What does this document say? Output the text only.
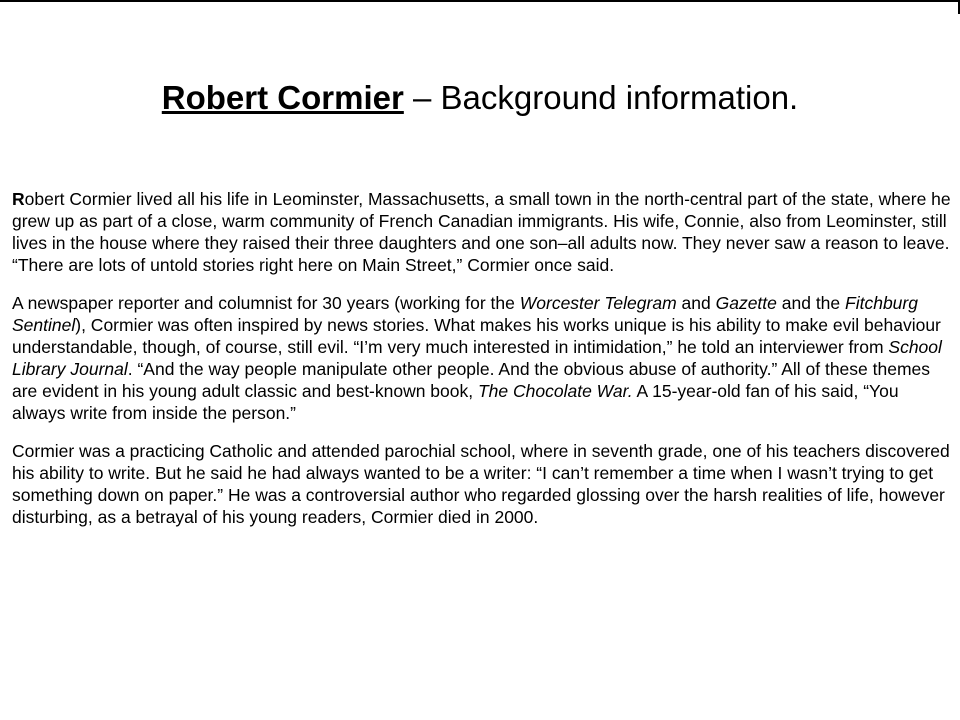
Robert Cormier – Background information.

Robert Cormier lived all his life in Leominster, Massachusetts, a small town in the north-central part of the state, where he grew up as part of a close, warm community of French Canadian immigrants. His wife, Connie, also from Leominster, still lives in the house where they raised their three daughters and one son–all adults now. They never saw a reason to leave. “There are lots of untold stories right here on Main Street,” Cormier once said.

A newspaper reporter and columnist for 30 years (working for the Worcester Telegram and Gazette and the Fitchburg Sentinel), Cormier was often inspired by news stories. What makes his works unique is his ability to make evil behaviour understandable, though, of course, still evil. “I’m very much interested in intimidation,” he told an interviewer from School Library Journal. “And the way people manipulate other people. And the obvious abuse of authority.” All of these themes are evident in his young adult classic and best-known book, The Chocolate War. A 15-year-old fan of his said, “You always write from inside the person.”

Cormier was a practicing Catholic and attended parochial school, where in seventh grade, one of his teachers discovered his ability to write. But he said he had always wanted to be a writer: “I can’t remember a time when I wasn’t trying to get something down on paper.” He was a controversial author who regarded glossing over the harsh realities of life, however disturbing, as a betrayal of his young readers, Cormier died in 2000.
